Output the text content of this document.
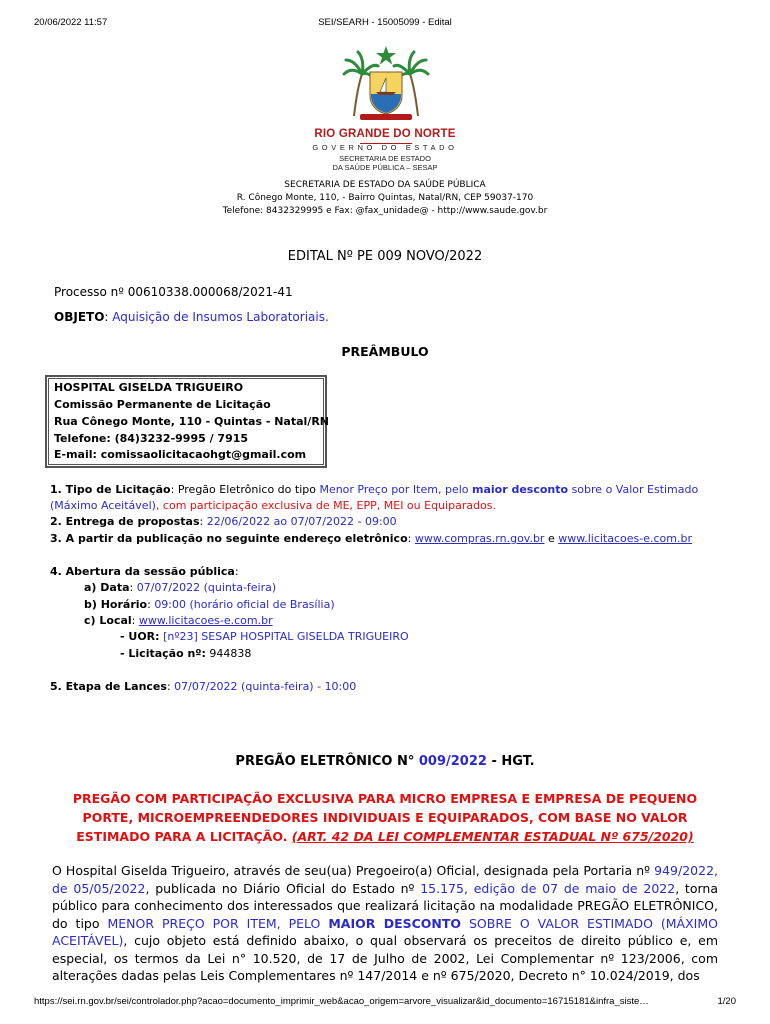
20/06/2022 11:57	SEI/SEARH - 15005099 - Edital
RIO GRANDE DO NORTE
GOVERNO DO ESTADO
SECRETARIA DE ESTADO
DA SAÚDE PÚBLICA – SESAP
SECRETARIA DE ESTADO DA SAÚDE PÚBLICA
R. Cônego Monte, 110, - Bairro Quintas, Natal/RN, CEP 59037-170
Telefone: 8432329995 e Fax: @fax_unidade@ - http://www.saude.gov.br
EDITAL Nº PE 009 NOVO/2022
Processo nº 00610338.000068/2021-41
OBJETO: Aquisição de Insumos Laboratoriais.
PREÂMBULO
HOSPITAL GISELDA TRIGUEIRO
Comissão Permanente de Licitação
Rua Cônego Monte, 110 - Quintas - Natal/RN
Telefone: (84)3232-9995 / 7915
E-mail: comissaolicitacaohgt@gmail.com
1. Tipo de Licitação: Pregão Eletrônico do tipo Menor Preço por Item, pelo maior desconto sobre o Valor Estimado
(Máximo Aceitável), com participação exclusiva de ME, EPP, MEI ou Equiparados.
2. Entrega de propostas: 22/06/2022 ao 07/07/2022 - 09:00
3. A partir da publicação no seguinte endereço eletrônico: www.compras.rn.gov.br e www.licitacoes-e.com.br
4. Abertura da sessão pública:
a) Data: 07/07/2022 (quinta-feira)
b) Horário: 09:00 (horário oficial de Brasília)
c) Local: www.licitacoes-e.com.br
- UOR: [nº23] SESAP HOSPITAL GISELDA TRIGUEIRO
- Licitação nº: 944838
5. Etapa de Lances: 07/07/2022 (quinta-feira) - 10:00
PREGÃO ELETRÔNICO N° 009/2022 - HGT.
PREGÃO COM PARTICIPAÇÃO EXCLUSIVA PARA MICRO EMPRESA E EMPRESA DE PEQUENO
PORTE, MICROEMPREENDEDORES INDIVIDUAIS E EQUIPARADOS, COM BASE NO VALOR
ESTIMADO PARA A LICITAÇÃO. (ART. 42 DA LEI COMPLEMENTAR ESTADUAL Nº 675/2020)
O Hospital Giselda Trigueiro, através de seu(ua) Pregoeiro(a) Oficial, designada pela Portaria nº 949/2022, de 05/05/2022, publicada no Diário Oficial do Estado nº 15.175, edição de 07 de maio de 2022, torna público para conhecimento dos interessados que realizará licitação na modalidade PREGÃO ELETRÔNICO, do tipo MENOR PREÇO POR ITEM, PELO MAIOR DESCONTO SOBRE O VALOR ESTIMADO (MÁXIMO ACEITÁVEL), cujo objeto está definido abaixo, o qual observará os preceitos de direito público e, em especial, os termos da Lei n° 10.520, de 17 de Julho de 2002, Lei Complementar nº 123/2006, com alterações dadas pelas Leis Complementares nº 147/2014 e nº 675/2020, Decreto n° 10.024/2019, dos
https://sei.rn.gov.br/sei/controlador.php?acao=documento_imprimir_web&acao_origem=arvore_visualizar&id_documento=16715181&infra_siste…	1/20
